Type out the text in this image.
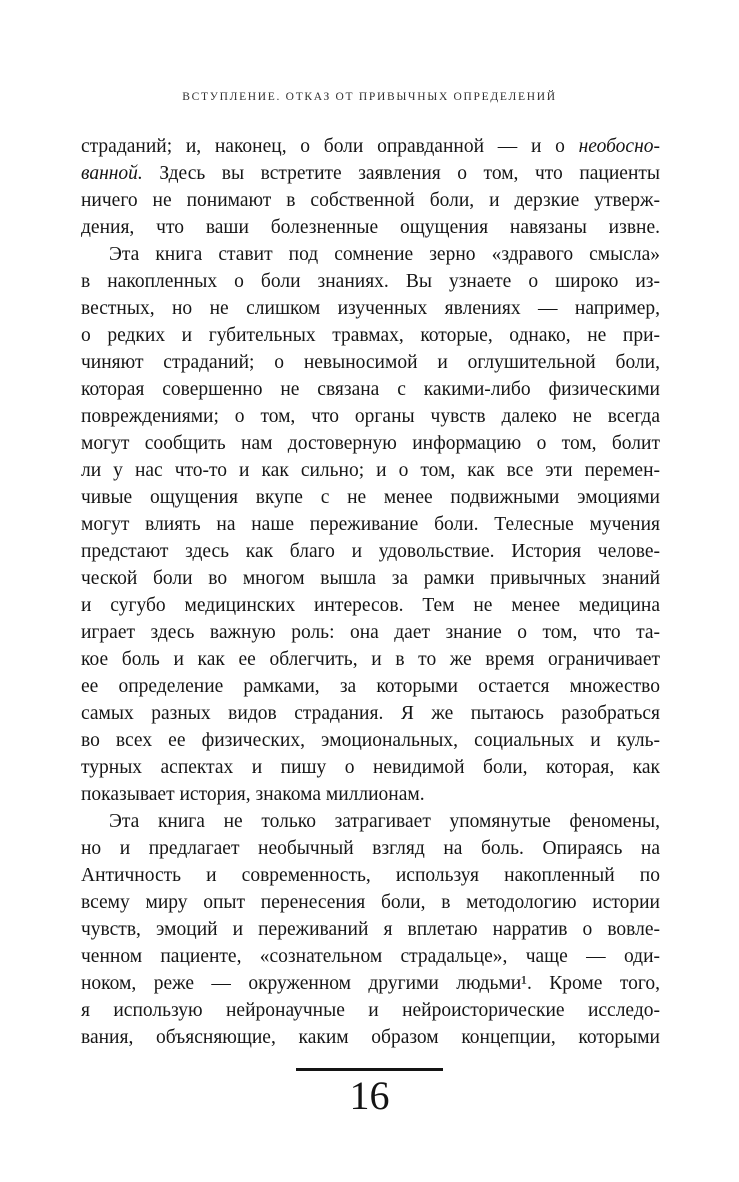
ВСТУПЛЕНИЕ. ОТКАЗ ОТ ПРИВЫЧНЫХ ОПРЕДЕЛЕНИЙ
страданий; и, наконец, о боли оправданной — и о необосно-
ванной. Здесь вы встретите заявления о том, что пациенты
ничего не понимают в собственной боли, и дерзкие утверж-
дения, что ваши болезненные ощущения навязаны извне.
Эта книга ставит под сомнение зерно «здравого смысла»
в накопленных о боли знаниях. Вы узнаете о широко из-
вестных, но не слишком изученных явлениях — например,
о редких и губительных травмах, которые, однако, не при-
чиняют страданий; о невыносимой и оглушительной боли,
которая совершенно не связана с какими-либо физическими
повреждениями; о том, что органы чувств далеко не всегда
могут сообщить нам достоверную информацию о том, болит
ли у нас что-то и как сильно; и о том, как все эти перемен-
чивые ощущения вкупе с не менее подвижными эмоциями
могут влиять на наше переживание боли. Телесные мучения
предстают здесь как благо и удовольствие. История челове-
ческой боли во многом вышла за рамки привычных знаний
и сугубо медицинских интересов. Тем не менее медицина
играет здесь важную роль: она дает знание о том, что та-
кое боль и как ее облегчить, и в то же время ограничивает
ее определение рамками, за которыми остается множество
самых разных видов страдания. Я же пытаюсь разобраться
во всех ее физических, эмоциональных, социальных и куль-
турных аспектах и пишу о невидимой боли, которая, как
показывает история, знакома миллионам.
Эта книга не только затрагивает упомянутые феномены,
но и предлагает необычный взгляд на боль. Опираясь на
Античность и современность, используя накопленный по
всему миру опыт перенесения боли, в методологию истории
чувств, эмоций и переживаний я вплетаю нарратив о вовле-
ченном пациенте, «сознательном страдальце», чаще — оди-
ноком, реже — окруженном другими людьми¹. Кроме того,
я использую нейронаучные и нейроисторические исследо-
вания, объясняющие, каким образом концепции, которыми
16
